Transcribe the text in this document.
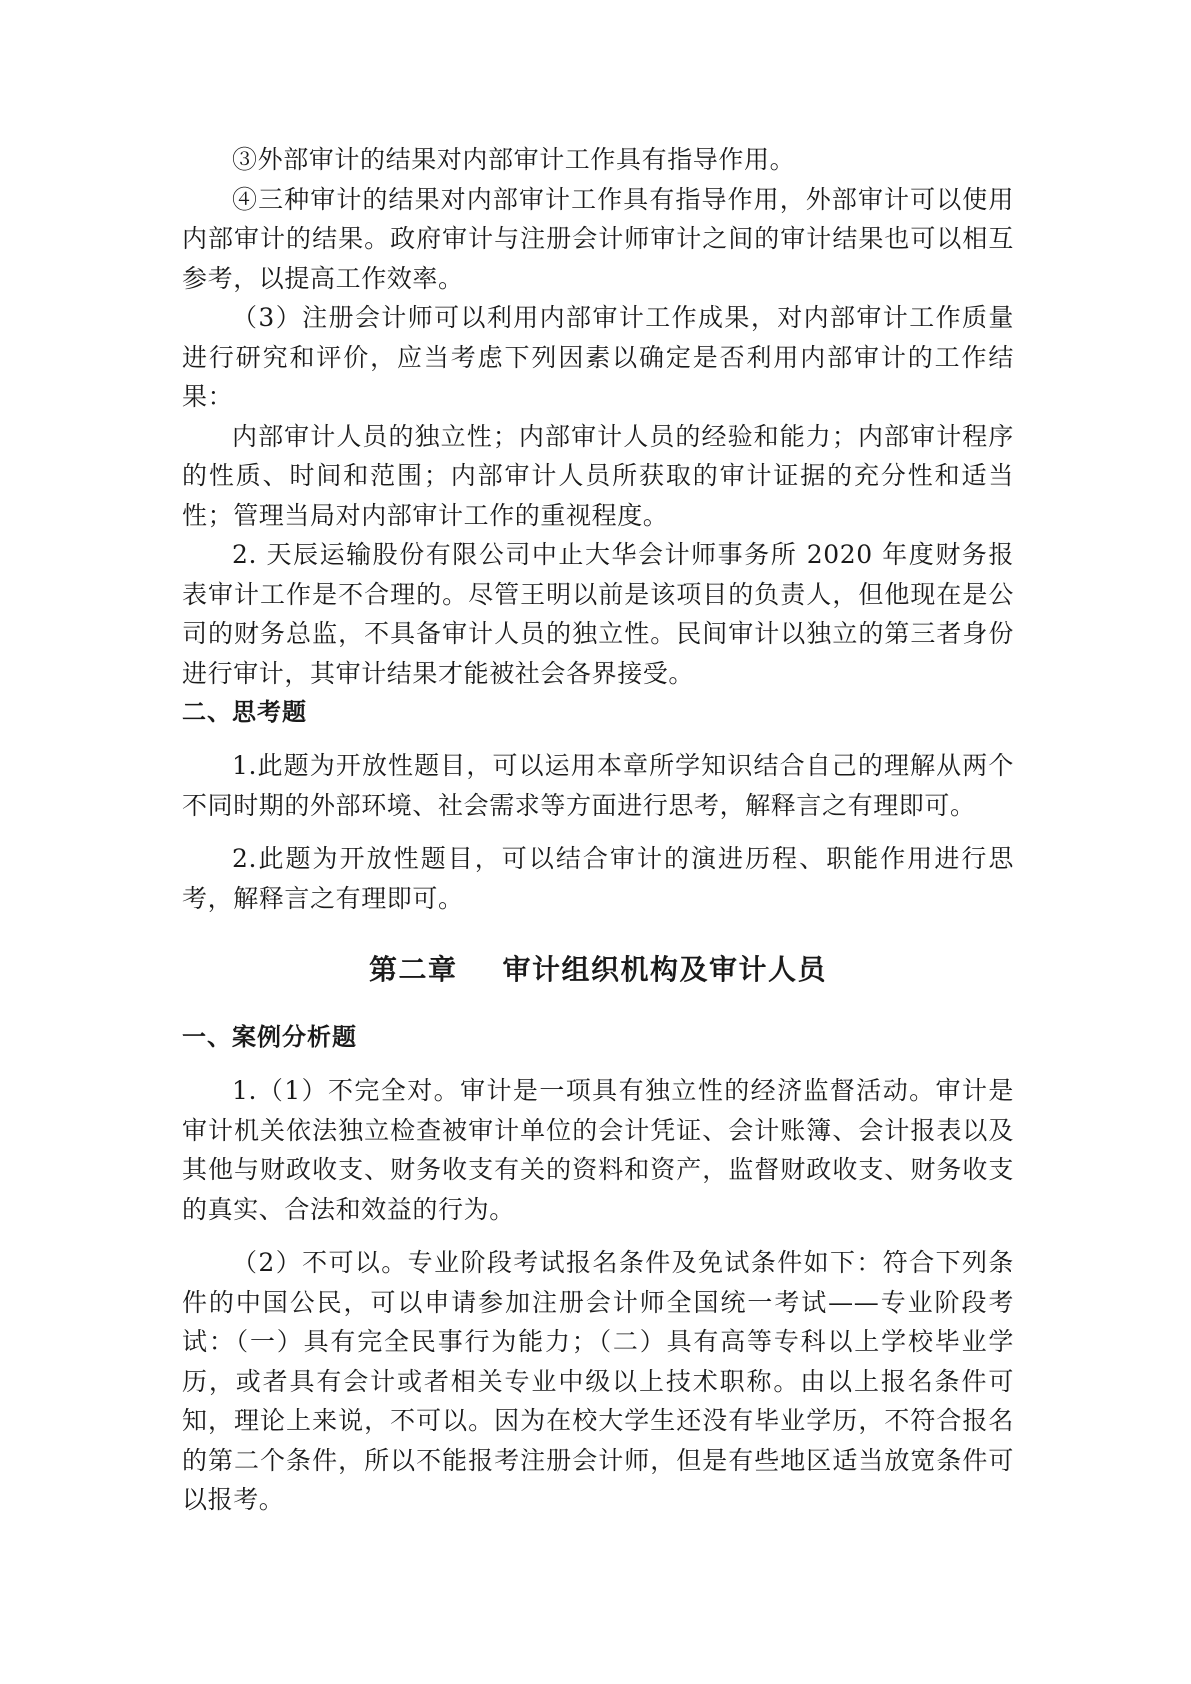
③外部审计的结果对内部审计工作具有指导作用。

④三种审计的结果对内部审计工作具有指导作用，外部审计可以使用内部审计的结果。政府审计与注册会计师审计之间的审计结果也可以相互参考，以提高工作效率。

（3）注册会计师可以利用内部审计工作成果，对内部审计工作质量进行研究和评价，应当考虑下列因素以确定是否利用内部审计的工作结果：

内部审计人员的独立性；内部审计人员的经验和能力；内部审计程序的性质、时间和范围；内部审计人员所获取的审计证据的充分性和适当性；管理当局对内部审计工作的重视程度。

2. 天辰运输股份有限公司中止大华会计师事务所 2020 年度财务报表审计工作是不合理的。尽管王明以前是该项目的负责人，但他现在是公司的财务总监，不具备审计人员的独立性。民间审计以独立的第三者身份进行审计，其审计结果才能被社会各界接受。

二、思考题

1.此题为开放性题目，可以运用本章所学知识结合自己的理解从两个不同时期的外部环境、社会需求等方面进行思考，解释言之有理即可。

2.此题为开放性题目，可以结合审计的演进历程、职能作用进行思考，解释言之有理即可。

第二章    审计组织机构及审计人员
一、案例分析题

1.（1）不完全对。审计是一项具有独立性的经济监督活动。审计是审计机关依法独立检查被审计单位的会计凭证、会计账簿、会计报表以及其他与财政收支、财务收支有关的资料和资产，监督财政收支、财务收支的真实、合法和效益的行为。

（2）不可以。专业阶段考试报名条件及免试条件如下：符合下列条件的中国公民，可以申请参加注册会计师全国统一考试——专业阶段考试：（一）具有完全民事行为能力；（二）具有高等专科以上学校毕业学历，或者具有会计或者相关专业中级以上技术职称。由以上报名条件可知，理论上来说，不可以。因为在校大学生还没有毕业学历，不符合报名的第二个条件，所以不能报考注册会计师，但是有些地区适当放宽条件可以报考。
